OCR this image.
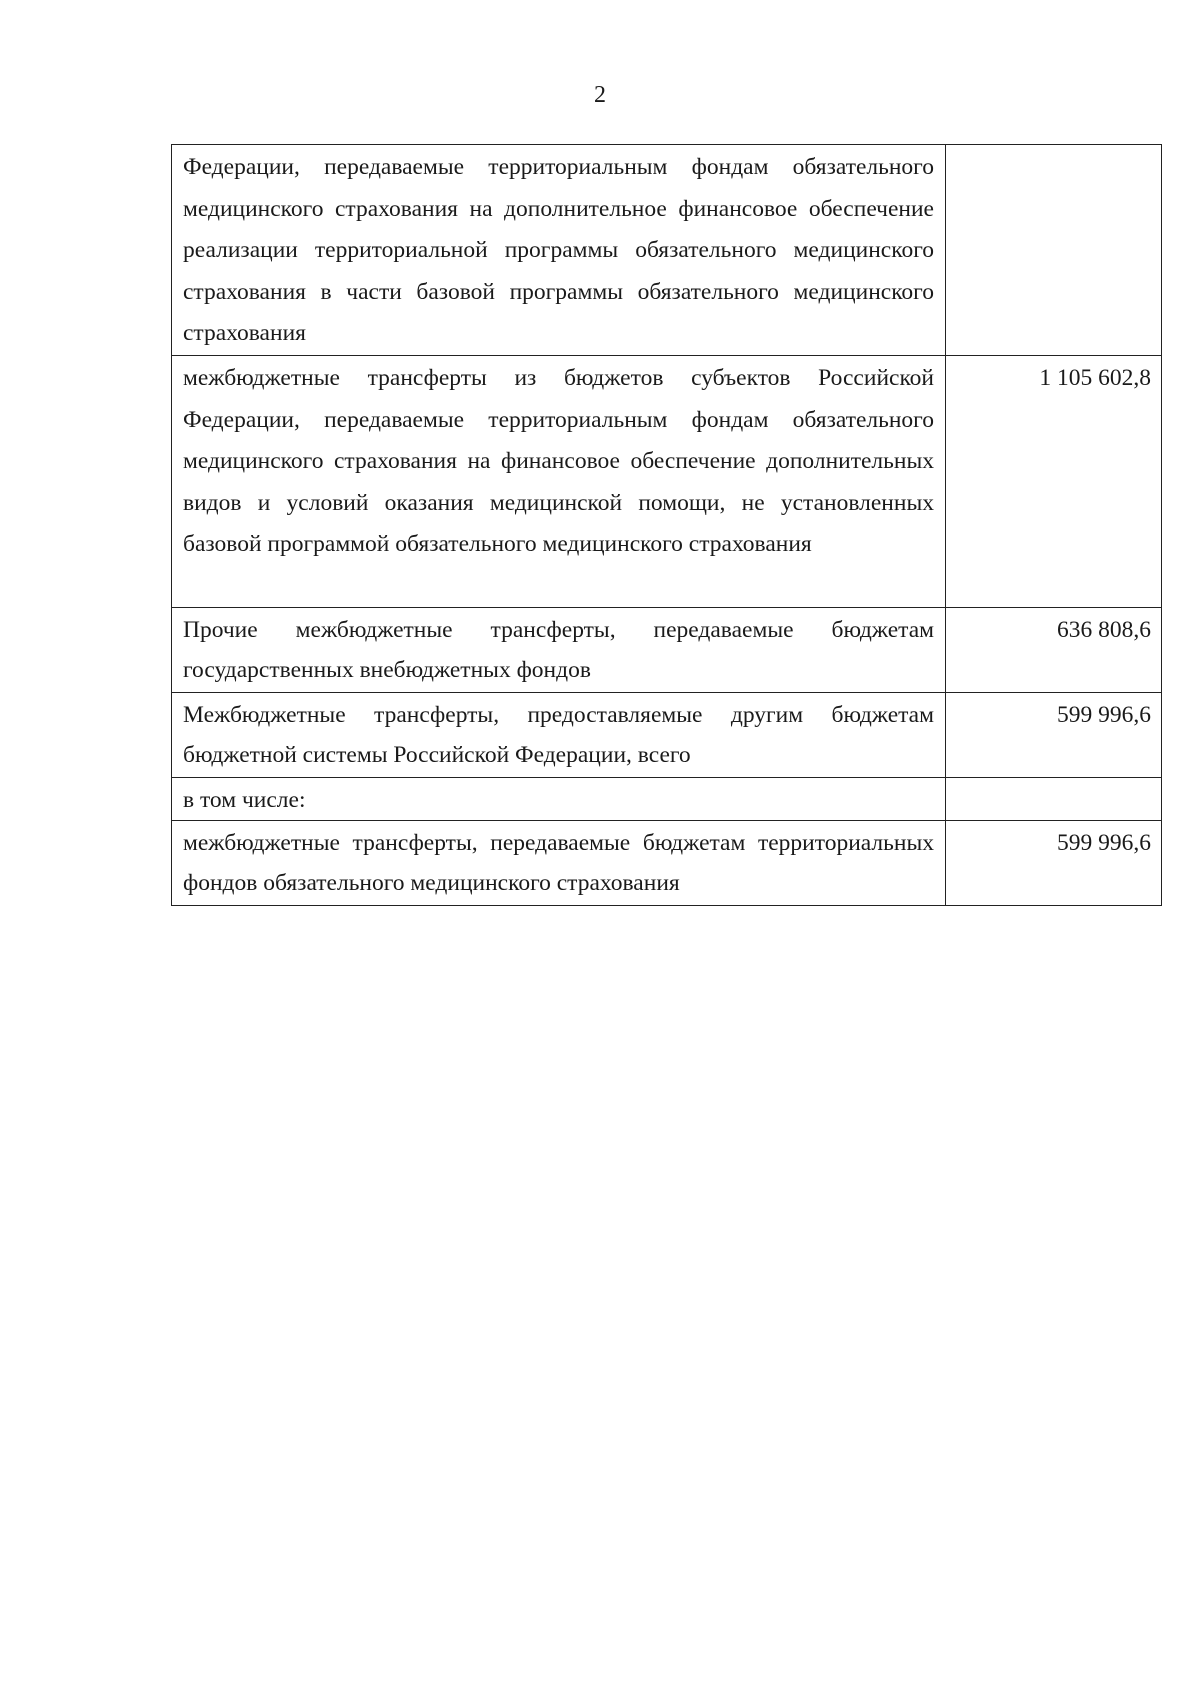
2
Федерации, передаваемые территориальным фондам обязательного медицинского страхования на дополнительное финансовое обеспечение реализации территориальной программы обязательного медицинского страхования в части базовой программы обязательного медицинского страхования	
межбюджетные трансферты из бюджетов субъектов Российской Федерации, передаваемые территориальным фондам обязательного медицинского страхования на финансовое обеспечение дополнительных видов и условий оказания медицинской помощи, не установленных базовой программой обязательного медицинского страхования	1 105 602,8
Прочие межбюджетные трансферты, передаваемые бюджетам государственных внебюджетных фондов	636 808,6
Межбюджетные трансферты, предоставляемые другим бюджетам бюджетной системы Российской Федерации, всего	599 996,6
в том числе:	
межбюджетные трансферты, передаваемые бюджетам территориальных фондов обязательного медицинского страхования	599 996,6
